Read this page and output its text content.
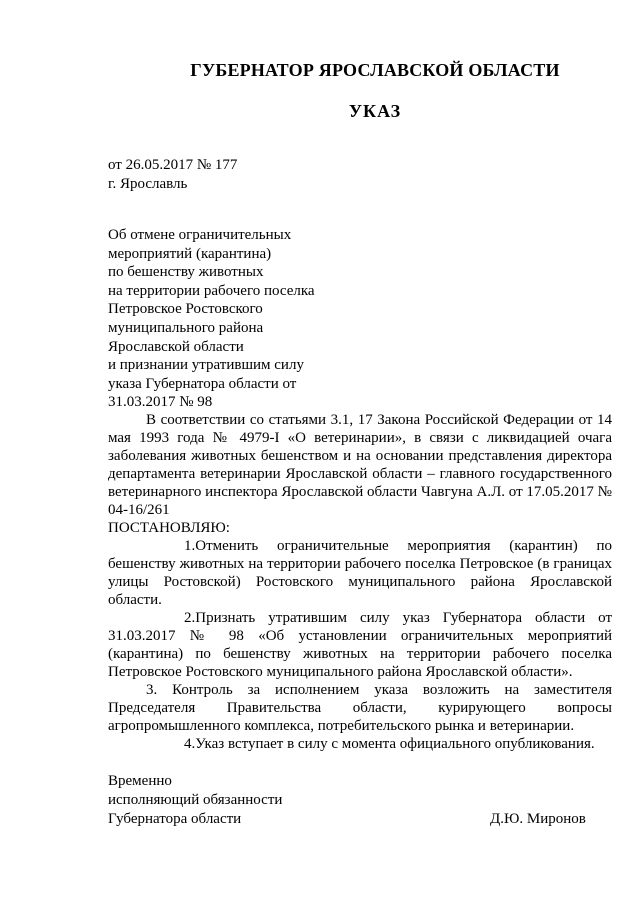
ГУБЕРНАТОР ЯРОСЛАВСКОЙ ОБЛАСТИ
УКАЗ
от 26.05.2017 № 177
г. Ярославль
Об отмене ограничительных
мероприятий (карантина)
по бешенству животных
на территории рабочего поселка
Петровское Ростовского
муниципального района
Ярославской области
и признании утратившим силу
указа Губернатора области от
31.03.2017 № 98

В соответствии со статьями 3.1, 17 Закона Российской Федерации от 14 мая 1993 года № 4979-I «О ветеринарии», в связи с ликвидацией очага заболевания животных бешенством и на основании представления директора департамента ветеринарии Ярославской области – главного государственного ветеринарного инспектора Ярославской области Чавгуна А.Л. от 17.05.2017 № 04-16/261

ПОСТАНОВЛЯЮ:

1.Отменить ограничительные мероприятия (карантин) по бешенству животных на территории рабочего поселка Петровское (в границах улицы Ростовской) Ростовского муниципального района Ярославской области.

2.Признать утратившим силу указ Губернатора области от 31.03.2017 № 98 «Об установлении ограничительных мероприятий (карантина) по бешенству животных на территории рабочего поселка Петровское Ростовского муниципального района Ярославской области».

3. Контроль за исполнением указа возложить на заместителя Председателя Правительства области, курирующего вопросы агропромышленного комплекса, потребительского рынка и ветеринарии.

4.Указ вступает в силу с момента официального опубликования.

Временно
исполняющий обязанности
Губернатора области	Д.Ю. Миронов
